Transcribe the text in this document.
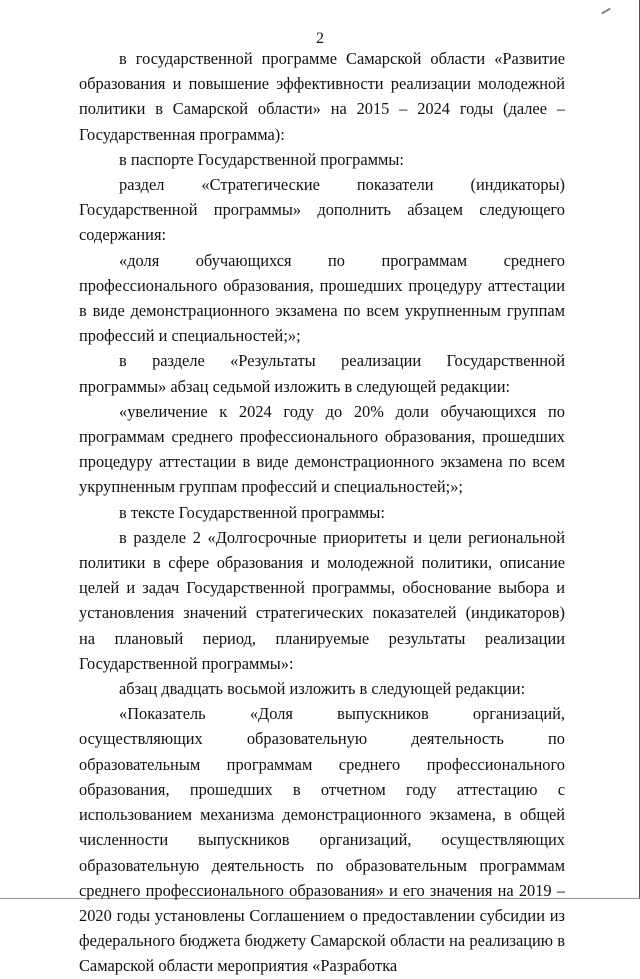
2

в государственной программе Самарской области «Развитие образования и повышение эффективности реализации молодежной политики в Самарской области» на 2015 – 2024 годы (далее – Государственная программа):

в паспорте Государственной программы:

раздел «Стратегические показатели (индикаторы) Государственной программы» дополнить абзацем следующего содержания:

«доля обучающихся по программам среднего профессионального образования, прошедших процедуру аттестации в виде демонстрационного экзамена по всем укрупненным группам профессий и специальностей;»;

в разделе «Результаты реализации Государственной программы» абзац седьмой изложить в следующей редакции:

«увеличение к 2024 году до 20% доли обучающихся по программам среднего профессионального образования, прошедших процедуру аттестации в виде демонстрационного экзамена по всем укрупненным группам профессий и специальностей;»;

в тексте Государственной программы:

в разделе 2 «Долгосрочные приоритеты и цели региональной политики в сфере образования и молодежной политики, описание целей и задач Государственной программы, обоснование выбора и установления значений стратегических показателей (индикаторов) на плановый период, планируемые результаты реализации Государственной программы»:

абзац двадцать восьмой изложить в следующей редакции:

«Показатель «Доля выпускников организаций, осуществляющих образовательную деятельность по образовательным программам среднего профессионального образования, прошедших в отчетном году аттестацию с использованием механизма демонстрационного экзамена, в общей численности выпускников организаций, осуществляющих образовательную деятельность по образовательным программам среднего профессионального образования» и его значения на 2019 – 2020 годы установлены Соглашением о предоставлении субсидии из федерального бюджета бюджету Самарской области на реализацию в Самарской области мероприятия «Разработка
